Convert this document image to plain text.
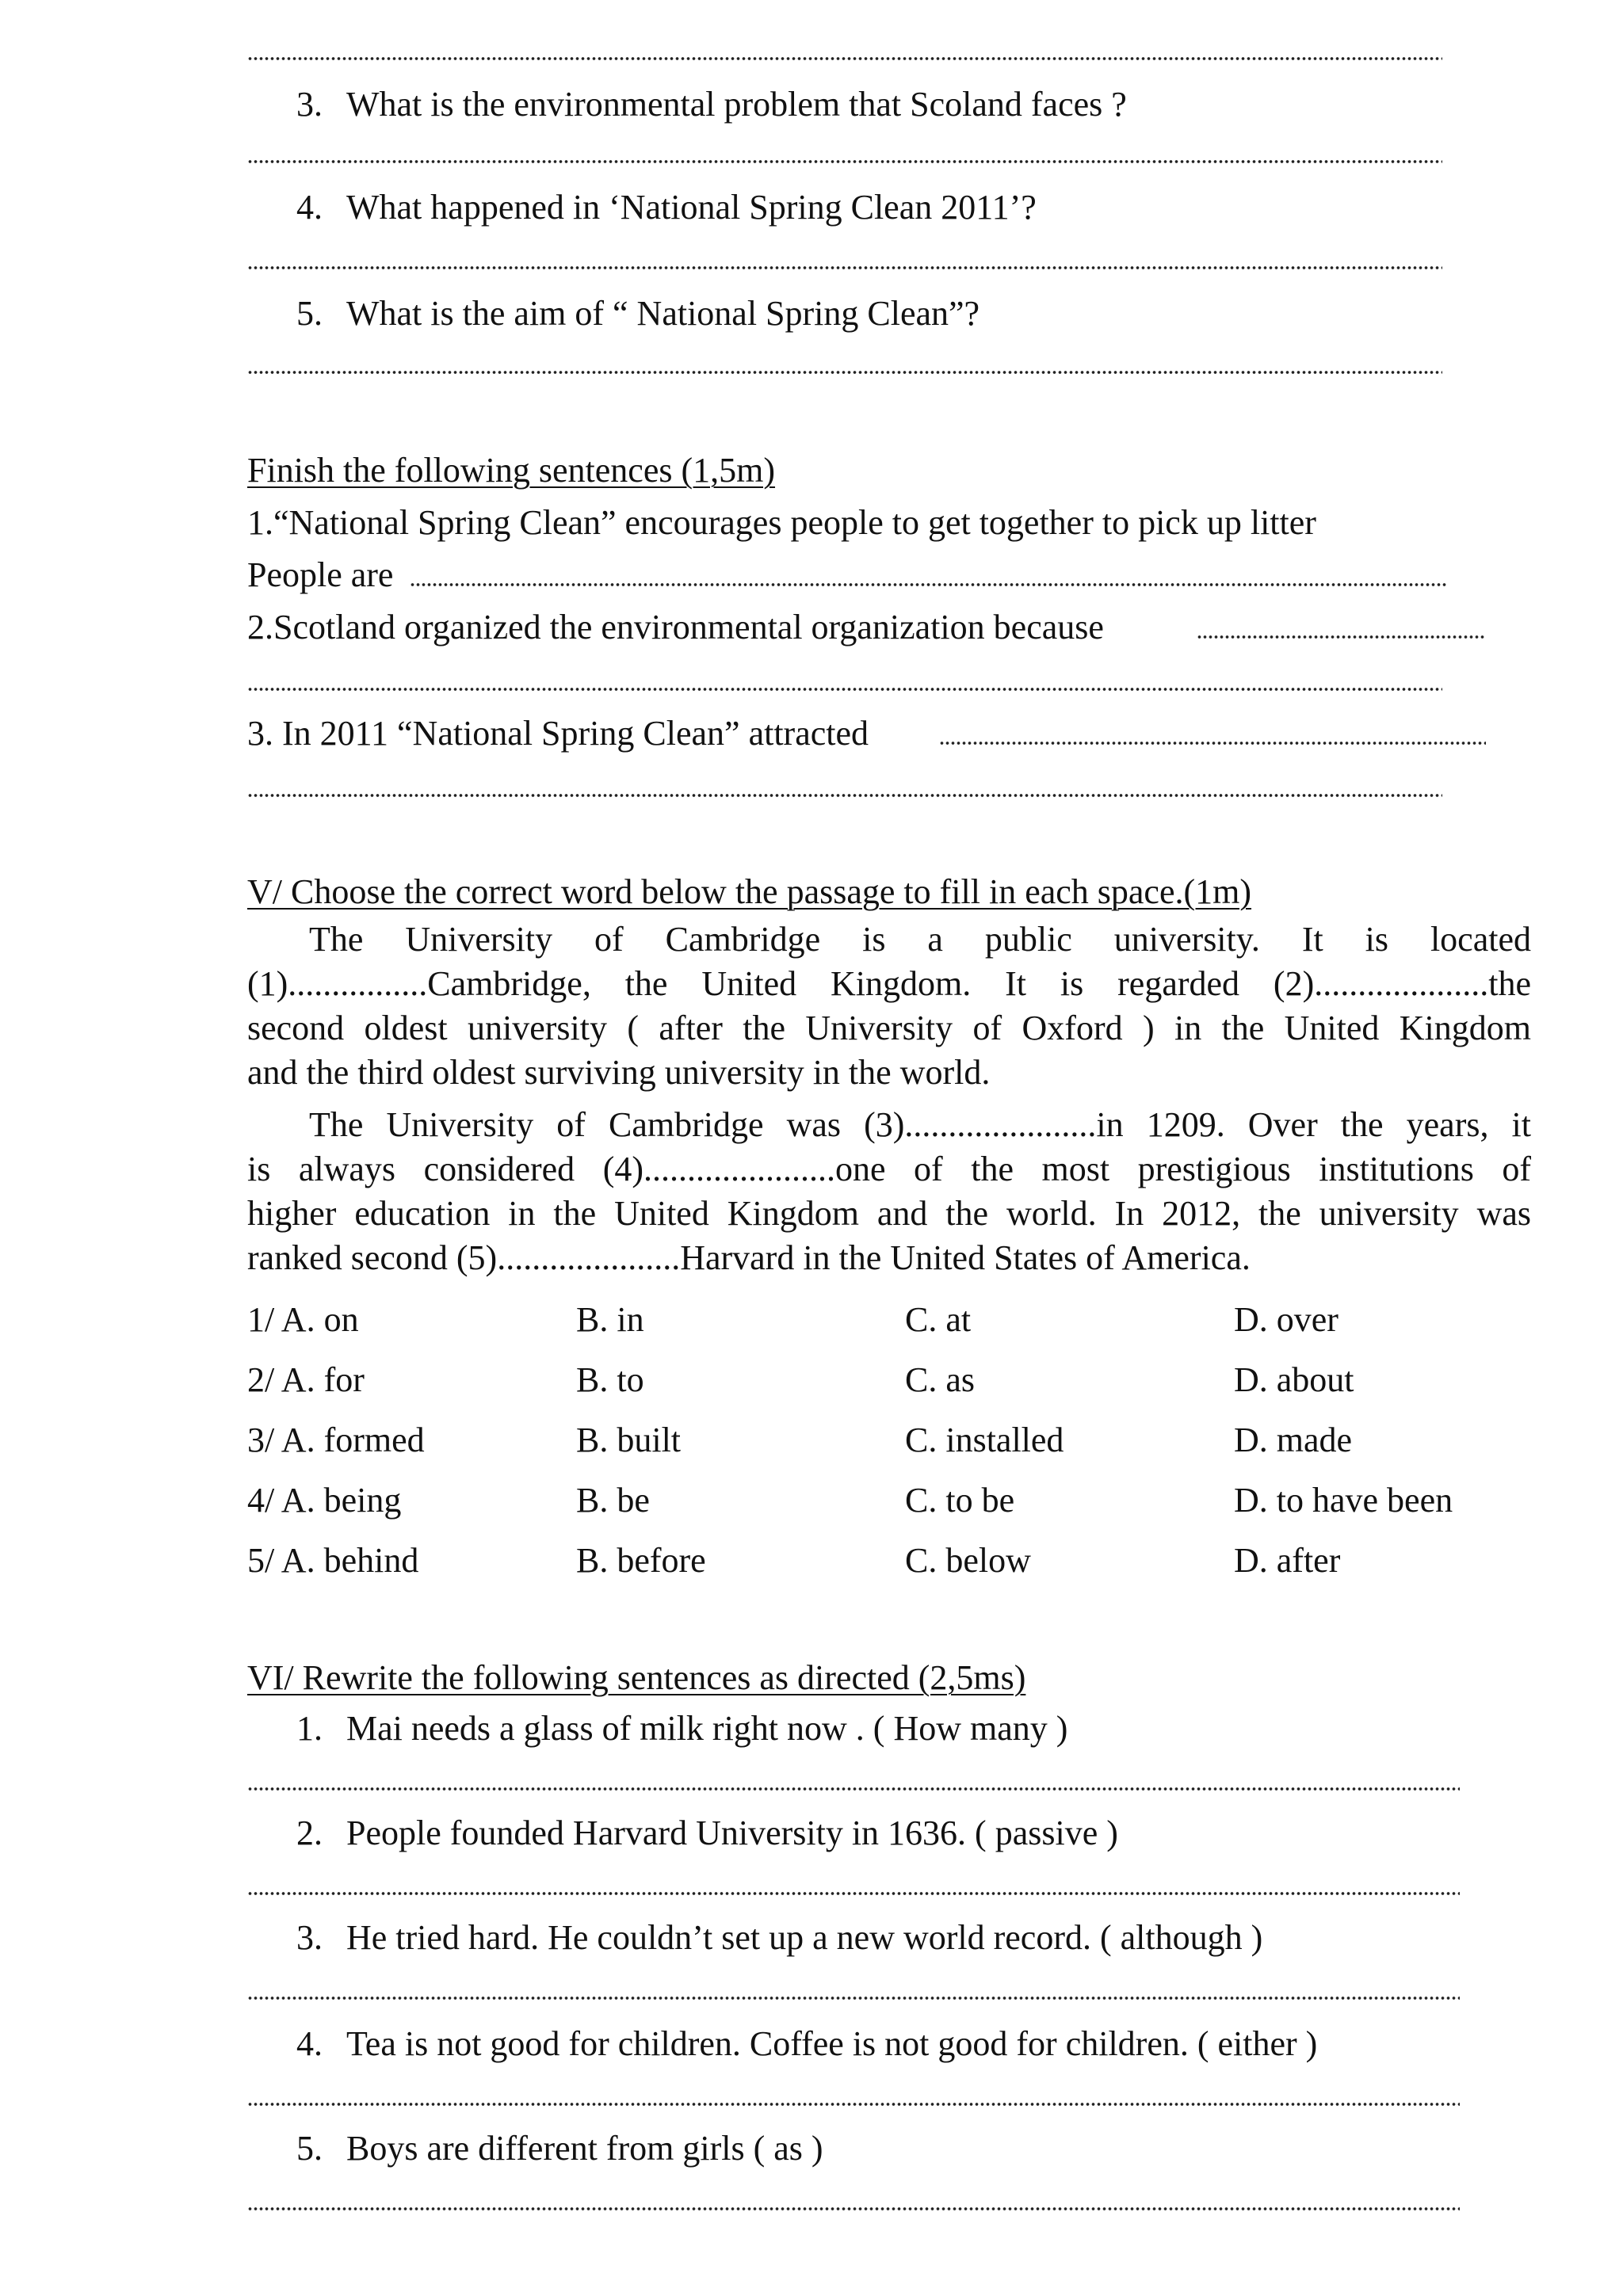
3. What is the environmental problem that Scoland faces ?
4. What happened in ‘National Spring Clean 2011’?
5. What is the aim of “ National Spring Clean”?
Finish the following sentences (1,5m)
1.“National Spring Clean” encourages people to get together to pick up litter
People are
2.Scotland organized the environmental organization because
3. In 2011 “National Spring Clean” attracted
V/ Choose the correct word below the passage to fill in each space.(1m)
The University of Cambridge is a public university. It is located
(1)................Cambridge, the United Kingdom. It is regarded (2)....................the
second oldest university ( after the University of Oxford ) in the United Kingdom
and the third oldest surviving university in the world.
The University of Cambridge was (3)......................in 1209. Over the years, it
is always considered (4)......................one of the most prestigious institutions of
higher education in the United Kingdom and the world. In 2012, the university was
ranked second (5).....................Harvard in the United States of America.
1/ A. on	B. in	C. at	D. over
2/ A. for	B. to	C. as	D. about
3/ A. formed	B. built	C. installed	D. made
4/ A. being	B. be	C. to be	D. to have been
5/ A. behind	B. before	C. below	D. after
VI/ Rewrite the following sentences as directed (2,5ms)
1. Mai needs a glass of milk right now . ( How many )
2. People founded Harvard University in 1636. ( passive )
3. He tried hard. He couldn’t set up a new world record. ( although )
4. Tea is not good for children. Coffee is not good for children. ( either )
5. Boys are different from girls ( as )
